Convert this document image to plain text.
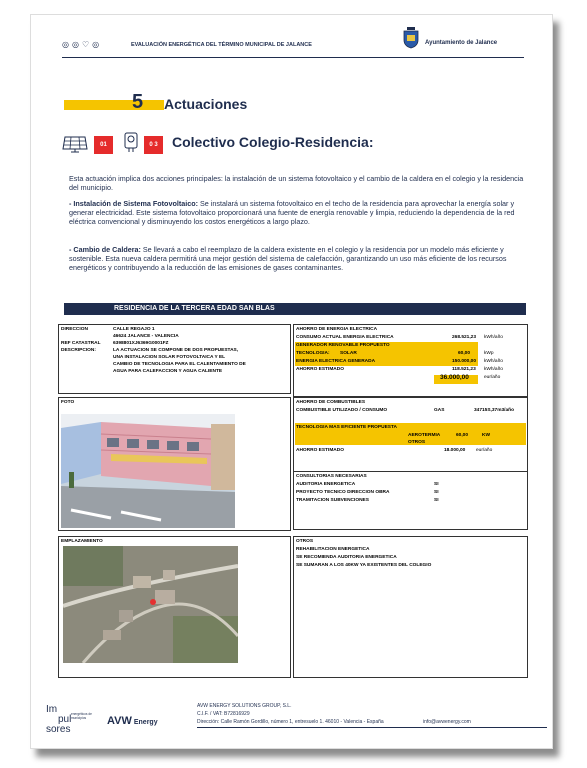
◎◎♡◎	EVALUACIÓN ENERGÉTICA DEL TÉRMINO MUNICIPAL DE JALANCE	Ayuntamiento de Jalance
5 Actuaciones
01	0 3	Colectivo Colegio-Residencia:
Esta actuación implica dos acciones principales: la instalación de un sistema fotovoltaico y el cambio de la caldera en el colegio y la residencia del municipio.
- Instalación de Sistema Fotovoltaico: Se instalará un sistema fotovoltaico en el techo de la residencia para aprovechar la energía solar y generar electricidad. Este sistema fotovoltaico proporcionará una fuente de energía renovable y limpia, reduciendo la dependencia de la red eléctrica convencional y disminuyendo los costos energéticos a largo plazo.
- Cambio de Caldera: Se llevará a cabo el reemplazo de la caldera existente en el colegio y la residencia por un modelo más eficiente y sostenible. Esta nueva caldera permitirá una mejor gestión del sistema de calefacción, garantizando un uso más eficiente de los recursos energéticos y contribuyendo a la reducción de las emisiones de gases contaminantes.
RESIDENCIA DE LA TERCERA EDAD SAN BLAS
DIRECCION	CALLE REGAJO 1
46624 JALANCE - VALENCIA
REF CATASTRAL	6398801XJ6369G0001FZ
DESCRIPCION:	LA ACTUACION SE COMPONE DE DOS PROPUESTAS,
UNA INSTALACION SOLAR FOTOVOLTAICA Y EL
CAMBIO DE TECNOLOGIA PARA EL CALENTAMIENTO DE
AGUA PARA CALEFACCION Y AGUA CALIENTE
AHORRO DE ENERGIA ELECTRICA
CONSUMO ACTUAL ENERGIA ELECTRICA	268.521,23 kWh/año
GENERADOR RENOVABLE PROPUESTO
TECNOLOGIA: SOLAR	60,00	kWp
ENERGIA ELECTRICA GENERADA	150.000,00 kWh/año
AHORRO ESTIMADO	118.521,23 kWh/año
36.000,00	eur/año
FOTO	AHORRO DE COMBUSTIBLES
COMBUSTIBLE UTILIZADO / CONSUMO	GAS	34715S,37m3/año
TECNOLOGIA MAS EFICIENTE PROPUESTA
AEROTERMIA	60,00	KW
OTROS
AHORRO ESTIMADO	18.000,00 eur/año
CONSULTORIAS NECESARIAS
AUDITORIA ENERGETICA	SI
PROYECTO TECNICO DIRECCION OBRA	SI
TRAMITACION SUBVENCIONES	SI
EMPLAZAMIENTO	OTROS
REHABILITACION ENERGETICA
SE RECOMIENDA AUDITORIA ENERGETICA
SE SUMARAN A LOS 40KW YA EXISTENTES DEL COLEGIO
Im
pul
sores
energéticos de municipios	AVW Energy
AVW ENERGY SOLUTIONS GROUP, S.L.
C.I.F. / VAT: B72816929
Dirección: Calle Ramón Gordillo, número 1, entresuelo 1. 46010 - Valencia - España	info@avwenergy.com
